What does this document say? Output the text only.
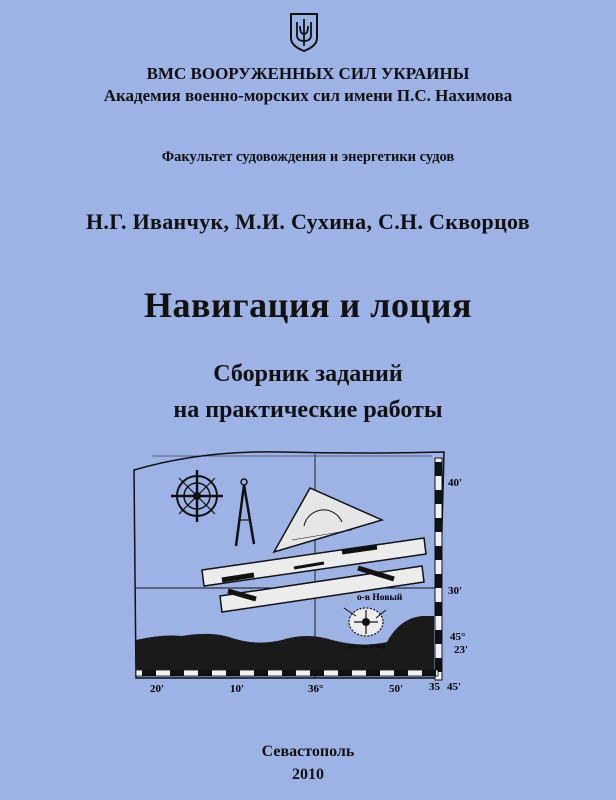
ВМС ВООРУЖЕННЫХ СИЛ УКРАИНЫ
Академия военно-морских сил имени П.С. Нахимова
Факультет судовождения и энергетики судов
Н.Г. Иванчук, М.И. Сухина, С.Н. Скворцов
Навигация и лоция
Сборник заданий
на практические работы
40'
30'
45°
23'
20'	10'	36°	50' 35 45'
о-в Новый
Д.60 Зап.60 Кор.
Севастополь
2010
